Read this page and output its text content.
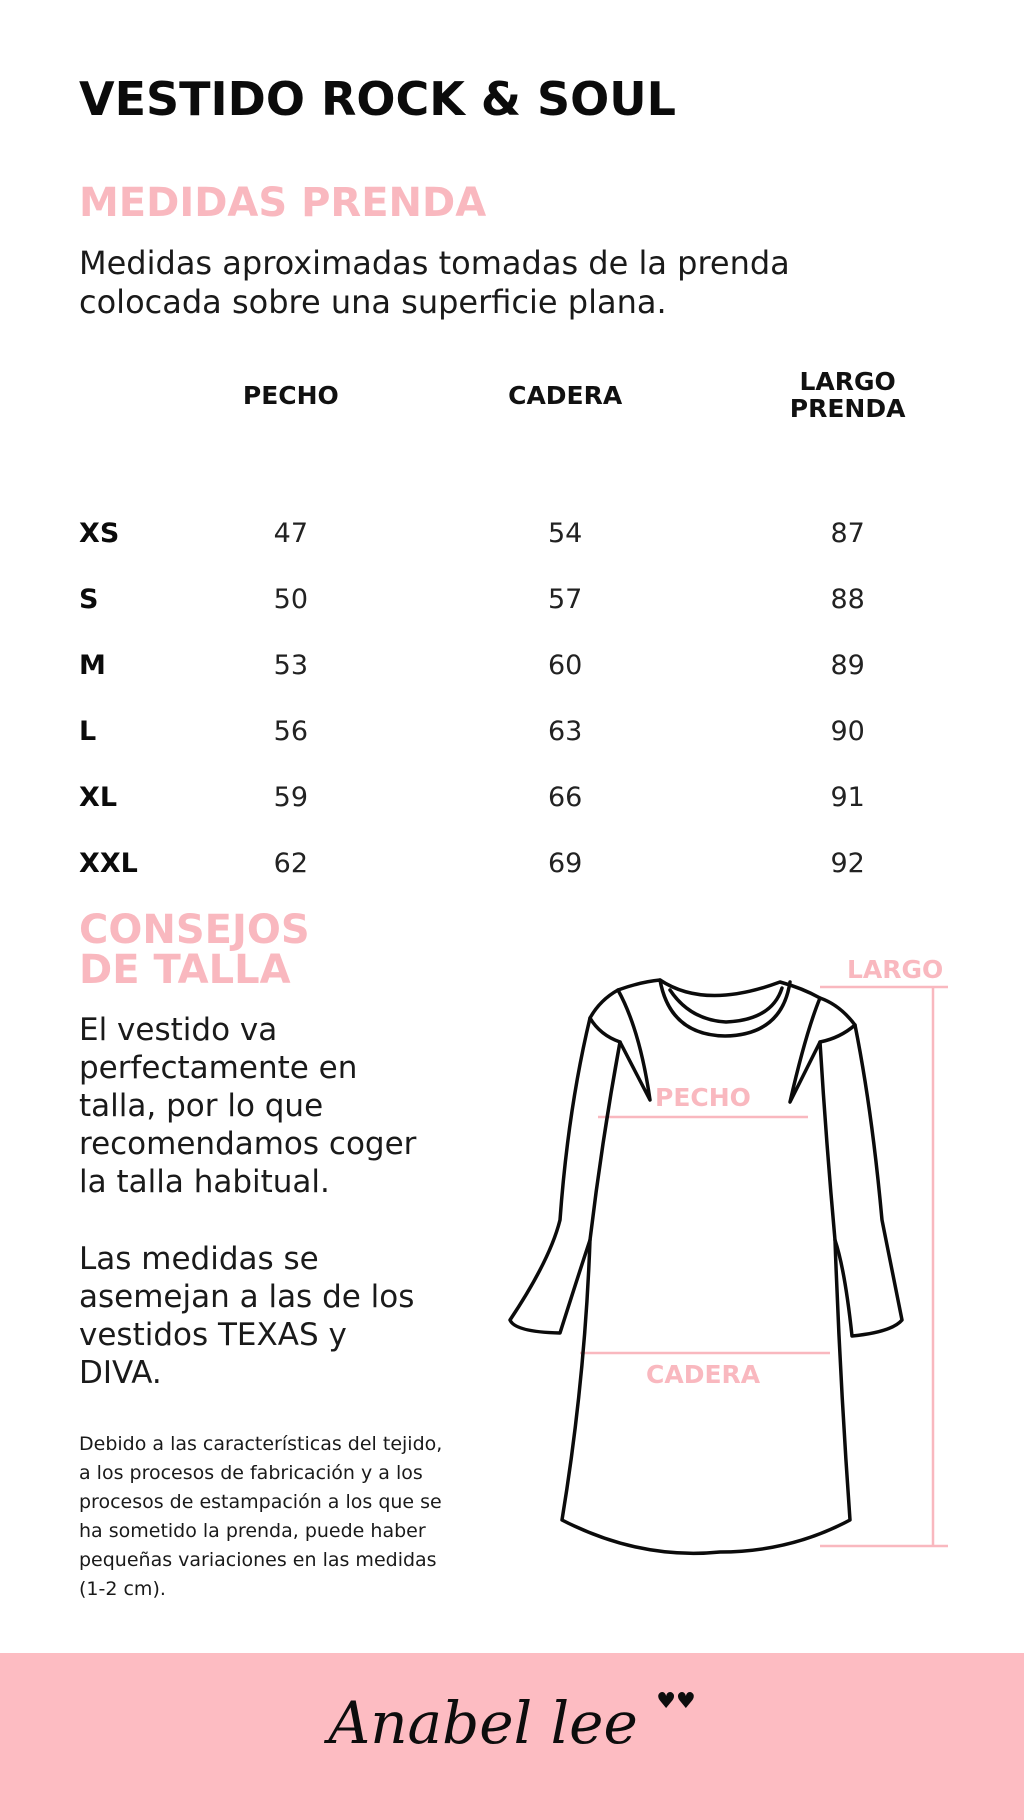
VESTIDO ROCK & SOUL
MEDIDAS PRENDA
Medidas aproximadas tomadas de la prenda
colocada sobre una superficie plana.
	PECHO	CADERA	LARGO
PRENDA

XS	47	54	87
S	50	57	88
M	53	60	89
L	56	63	90
XL	59	66	91
XXL	62	69	92
CONSEJOS
DE TALLA
El vestido va perfectamente en talla, por lo que recomendamos coger la talla habitual.
Las medidas se asemejan a las de los vestidos TEXAS y DIVA.
Debido a las características del tejido, a los procesos de fabricación y a los procesos de estampación a los que se ha sometido la prenda, puede haber pequeñas variaciones en las medidas (1-2 cm).
LARGO
PECHO
CADERA
Anabel lee ♥♥
